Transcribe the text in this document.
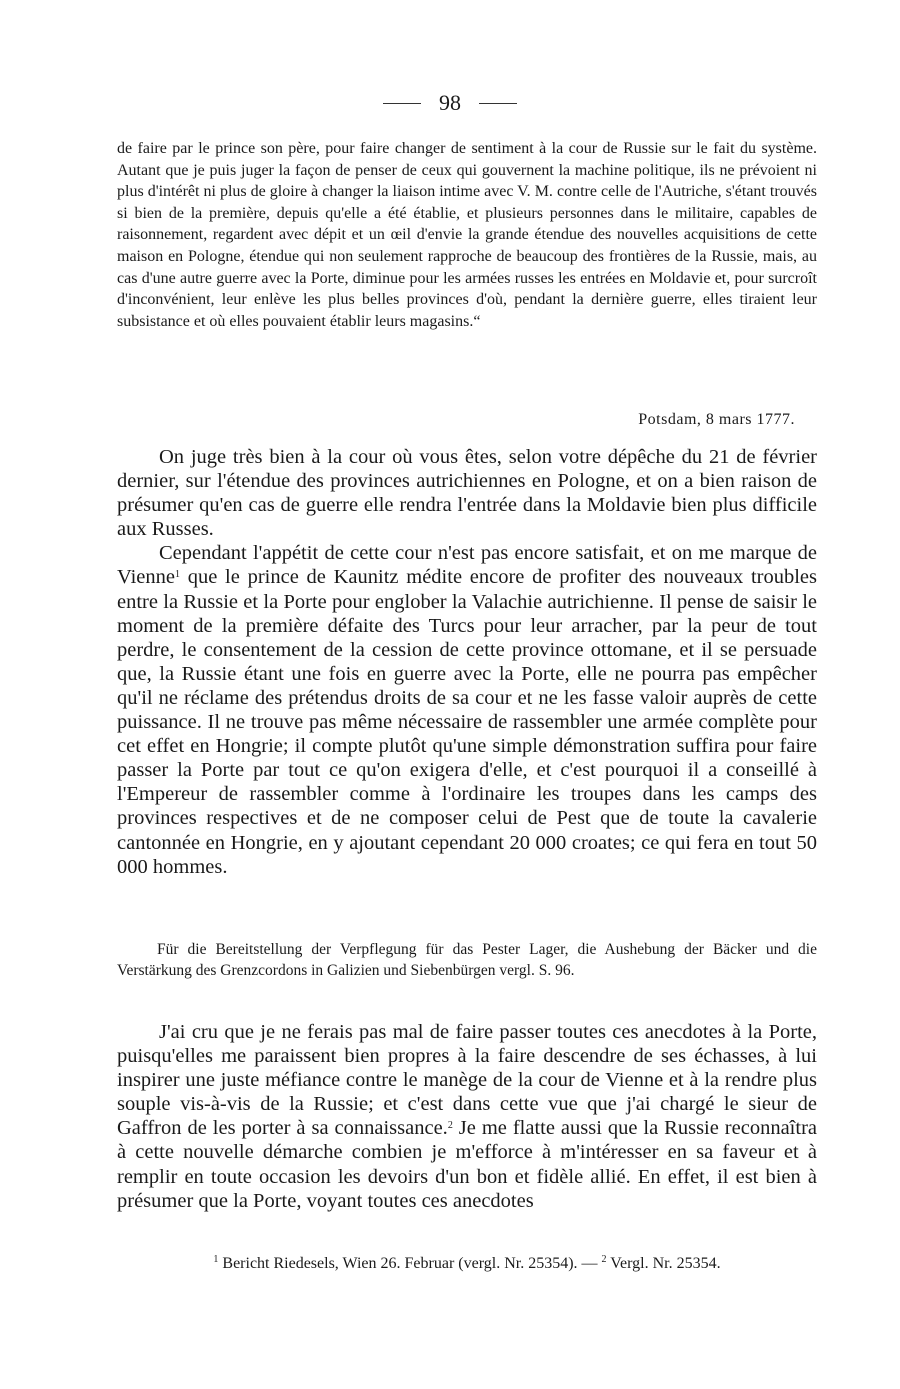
98

de faire par le prince son père, pour faire changer de sentiment à la cour de Russie sur le fait du système. Autant que je puis juger la façon de penser de ceux qui gouvernent la machine politique, ils ne prévoient ni plus d'intérêt ni plus de gloire à changer la liaison intime avec V. M. contre celle de l'Autriche, s'étant trouvés si bien de la première, depuis qu'elle a été établie, et plusieurs personnes dans le militaire, capables de raisonnement, regardent avec dépit et un œil d'envie la grande étendue des nouvelles acquisitions de cette maison en Pologne, étendue qui non seulement rapproche de beaucoup des frontières de la Russie, mais, au cas d'une autre guerre avec la Porte, diminue pour les armées russes les entrées en Moldavie et, pour surcroît d'inconvénient, leur enlève les plus belles provinces d'où, pendant la dernière guerre, elles tiraient leur subsistance et où elles pouvaient établir leurs magasins.“

Potsdam, 8 mars 1777.

On juge très bien à la cour où vous êtes, selon votre dépêche du 21 de février dernier, sur l'étendue des provinces autrichiennes en Pologne, et on a bien raison de présumer qu'en cas de guerre elle rendra l'entrée dans la Moldavie bien plus difficile aux Russes.

Cependant l'appétit de cette cour n'est pas encore satisfait, et on me marque de Vienne$^1$ que le prince de Kaunitz médite encore de profiter des nouveaux troubles entre la Russie et la Porte pour englober la Valachie autrichienne. Il pense de saisir le moment de la première défaite des Turcs pour leur arracher, par la peur de tout perdre, le consentement de la cession de cette province ottomane, et il se persuade que, la Russie étant une fois en guerre avec la Porte, elle ne pourra pas empêcher qu'il ne réclame des prétendus droits de sa cour et ne les fasse valoir auprès de cette puissance. Il ne trouve pas même nécessaire de rassembler une armée complète pour cet effet en Hongrie; il compte plutôt qu'une simple démonstration suffira pour faire passer la Porte par tout ce qu'on exigera d'elle, et c'est pourquoi il a conseillé à l'Empereur de rassembler comme à l'ordinaire les troupes dans les camps des provinces respectives et de ne composer celui de Pest que de toute la cavalerie cantonnée en Hongrie, en y ajoutant cependant 20 000 croates; ce qui fera en tout 50 000 hommes.

Für die Bereitstellung der Verpflegung für das Pester Lager, die Aushebung der Bäcker und die Verstärkung des Grenzcordons in Galizien und Siebenbürgen vergl. S. 96.

J'ai cru que je ne ferais pas mal de faire passer toutes ces anecdotes à la Porte, puisqu'elles me paraissent bien propres à la faire descendre de ses échasses, à lui inspirer une juste méfiance contre le manège de la cour de Vienne et à la rendre plus souple vis-à-vis de la Russie; et c'est dans cette vue que j'ai chargé le sieur de Gaffron de les porter à sa connaissance.$^2$ Je me flatte aussi que la Russie reconnaîtra à cette nouvelle démarche combien je m'efforce à m'intéresser en sa faveur et à remplir en toute occasion les devoirs d'un bon et fidèle allié. En effet, il est bien à présumer que la Porte, voyant toutes ces anecdotes

$^1$ Bericht Riedesels, Wien 26. Februar (vergl. Nr. 25354). — $^2$ Vergl. Nr. 25354.
